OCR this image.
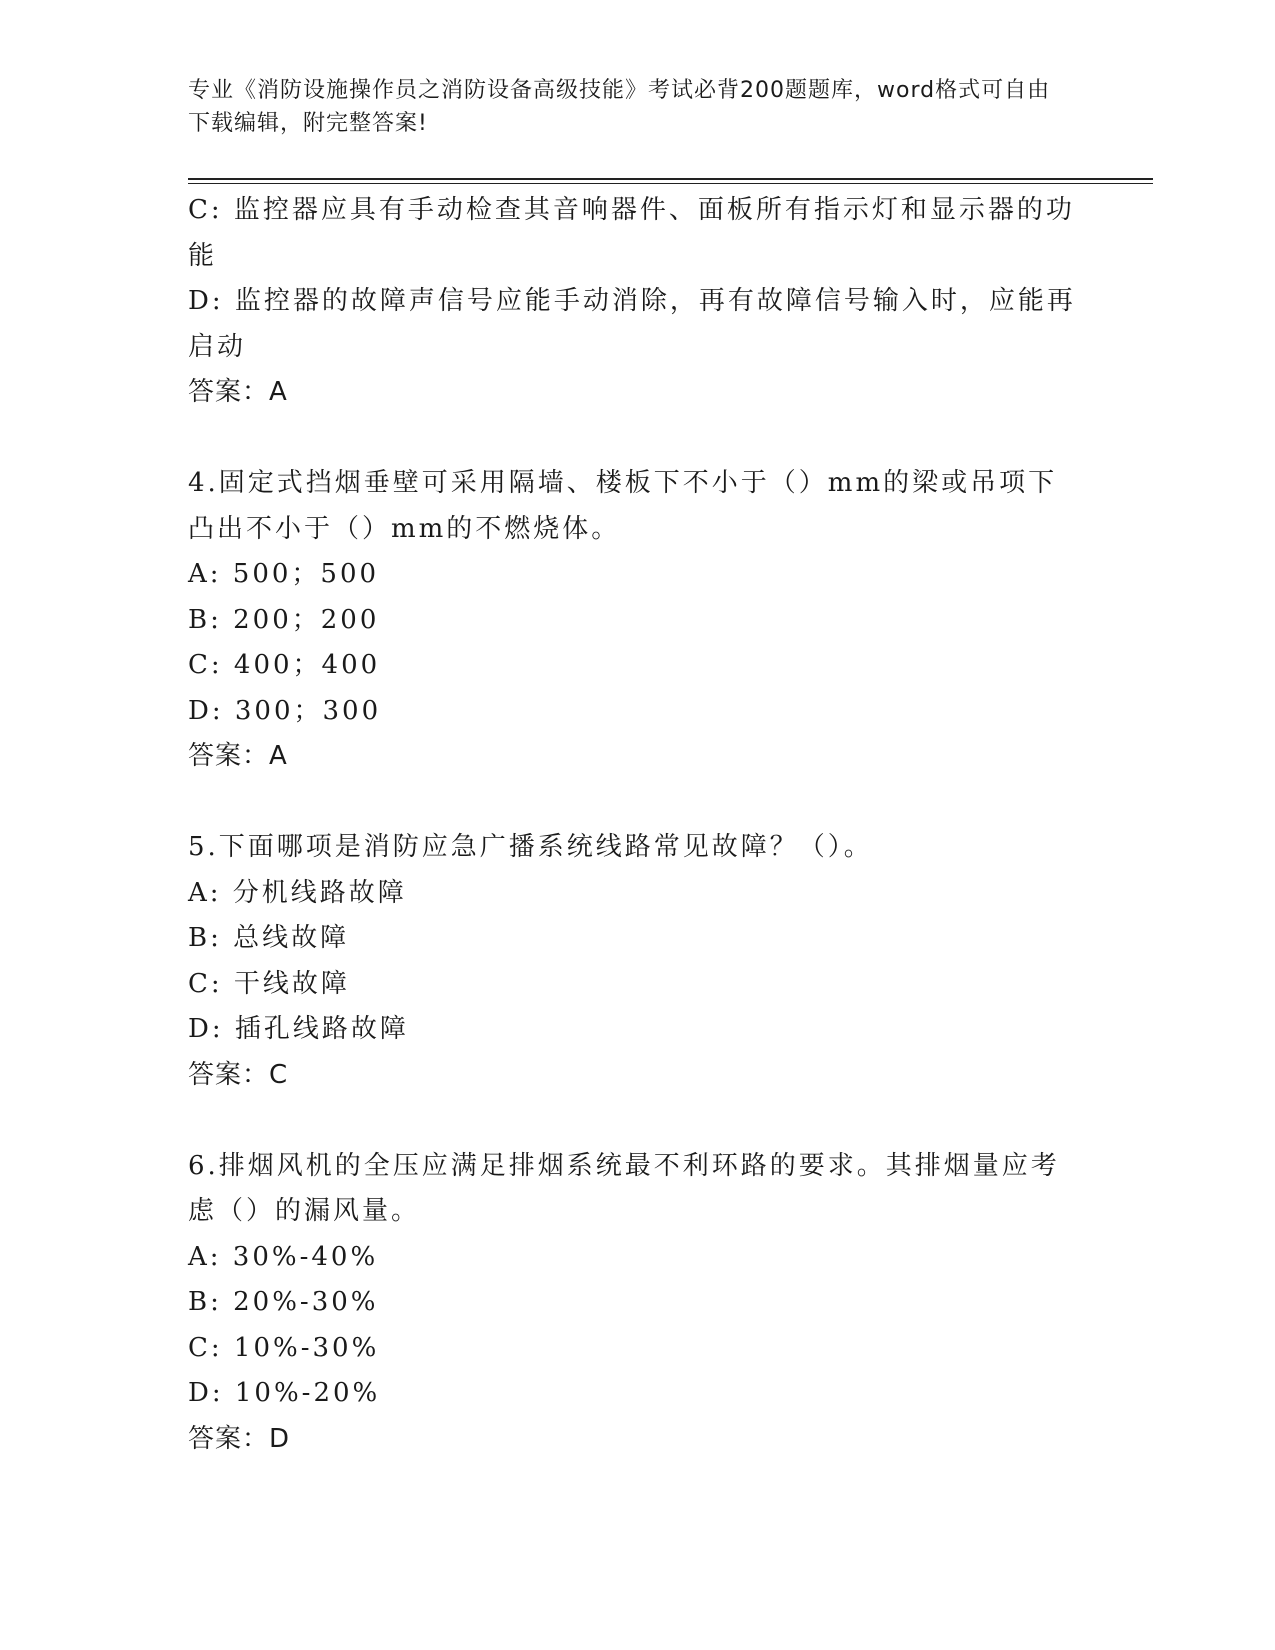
专业《消防设施操作员之消防设备高级技能》考试必背200题题库，word格式可自由下载编辑，附完整答案!
C: 监控器应具有手动检查其音响器件、面板所有指示灯和显示器的功能
D: 监控器的故障声信号应能手动消除，再有故障信号输入时，应能再启动
答案：A
4.固定式挡烟垂壁可采用隔墙、楼板下不小于（）mm的梁或吊项下凸出不小于（）mm的不燃烧体。
A: 500；500
B: 200；200
C: 400；400
D: 300；300
答案：A
5.下面哪项是消防应急广播系统线路常见故障？（）。
A: 分机线路故障
B: 总线故障
C: 干线故障
D: 插孔线路故障
答案：C
6.排烟风机的全压应满足排烟系统最不利环路的要求。其排烟量应考虑（）的漏风量。
A: 30%-40%
B: 20%-30%
C: 10%-30%
D: 10%-20%
答案：D
